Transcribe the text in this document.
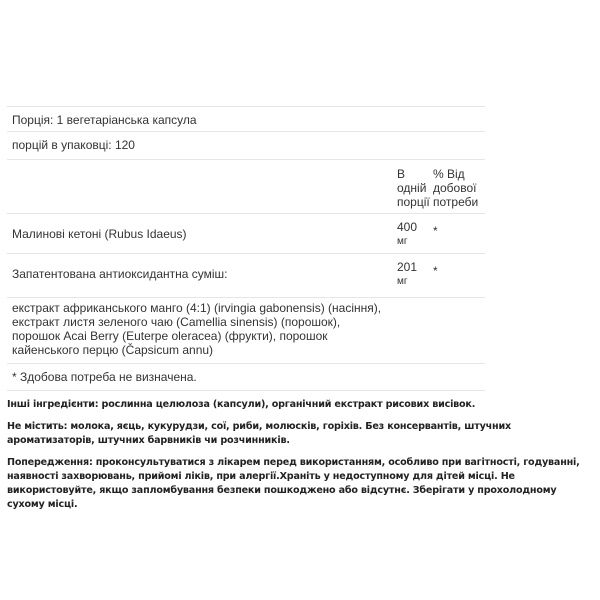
Порція: 1 вегетаріанська капсула
порцій в упаковці: 120
В одній порції
% Від добової потреби
Малинові кетоні (Rubus Idaeus)	400
мг
*
Запатентована антиоксидантна суміш:	201
мг
*
екстракт африканського манго (4:1) (irvingia gabonensis) (насіння), екстракт листя зеленого чаю (Camellia sinensis) (порошок), порошок Acai Berry (Euterpe oleracea) (фрукти), порошок кайенського перцю (Čapsicum annu)
* Здобова потреба не визначена.

Інші інгредієнти: рослинна целюлоза (капсули), органічний екстракт рисових висівок.

Не містить: молока, яєць, кукурудзи, сої, риби, молюсків, горіхів. Без консервантів, штучних ароматизаторів, штучних барвників чи розчинників.

Попередження: проконсультуватися з лікарем перед використанням, особливо при вагітності, годуванні, наявності захворювань, прийомі ліків, при алергії.Храніть у недоступному для дітей місці. Не використовуйте, якщо запломбування безпеки пошкоджено або відсутнє. Зберігати у прохолодному сухому місці.
